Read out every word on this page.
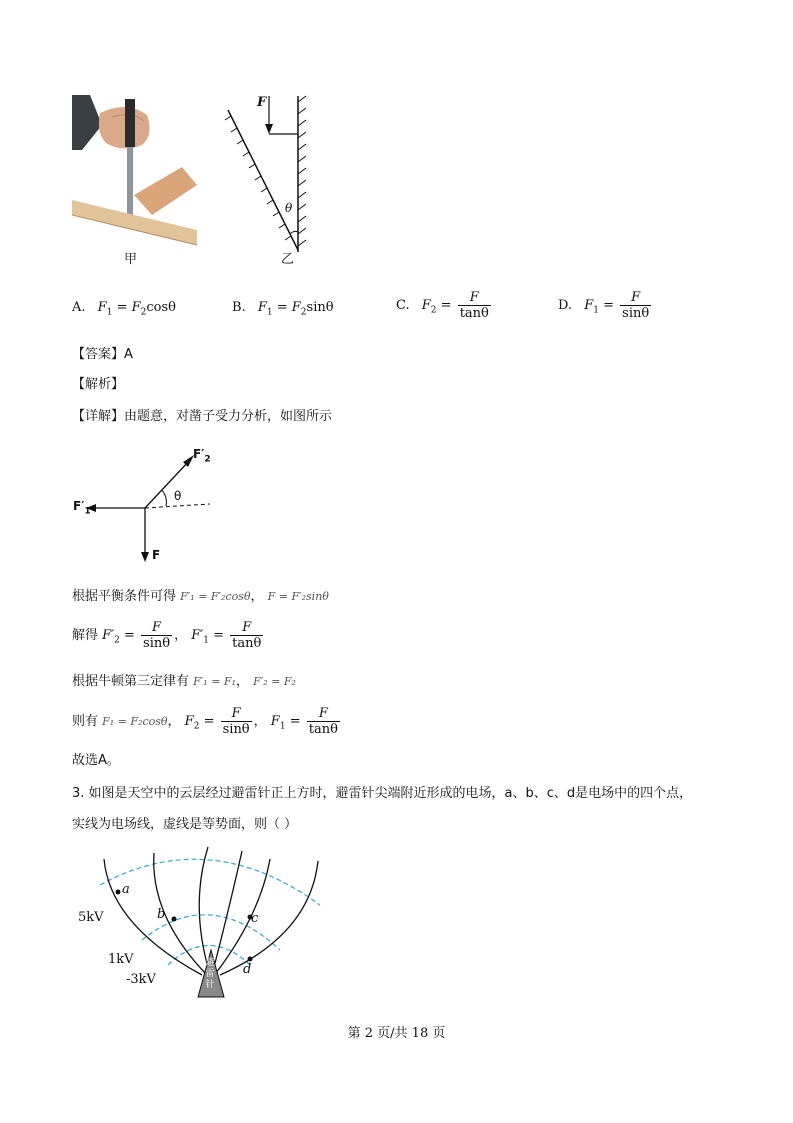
甲
F
θ
乙
A. $F_1 = F_2\cos\theta$	B. $F_1 = F_2\sin\theta$	C. $F_2 = \frac{F}{\tan\theta}$	D. $F_1 = \frac{F}{\sin\theta}$
【答案】A
【解析】
【详解】由题意，对凿子受力分析，如图所示
$F'_2$
θ
$F'_1$
F
根据平衡条件可得 F′₁ = F′₂cosθ， F = F′₂sinθ
解得 $F'_2 = \frac{F}{\sin\theta}$ ， $F'_1 = \frac{F}{\tan\theta}$
根据牛顿第三定律有 F′₁ = F₁， F′₂ = F₂
则有 F₁ = F₂cosθ， $F_2 = \frac{F}{\sin\theta}$ ， $F_1 = \frac{F}{\tan\theta}$
故选A。
3. 如图是天空中的云层经过避雷针正上方时，避雷针尖端附近形成的电场，a、b、c、d是电场中的四个点，
实线为电场线，虚线是等势面，则（ ）
a
b	c
d
5kV
1kV
-3kV
避
雷
针
第 2 页/共 18 页
